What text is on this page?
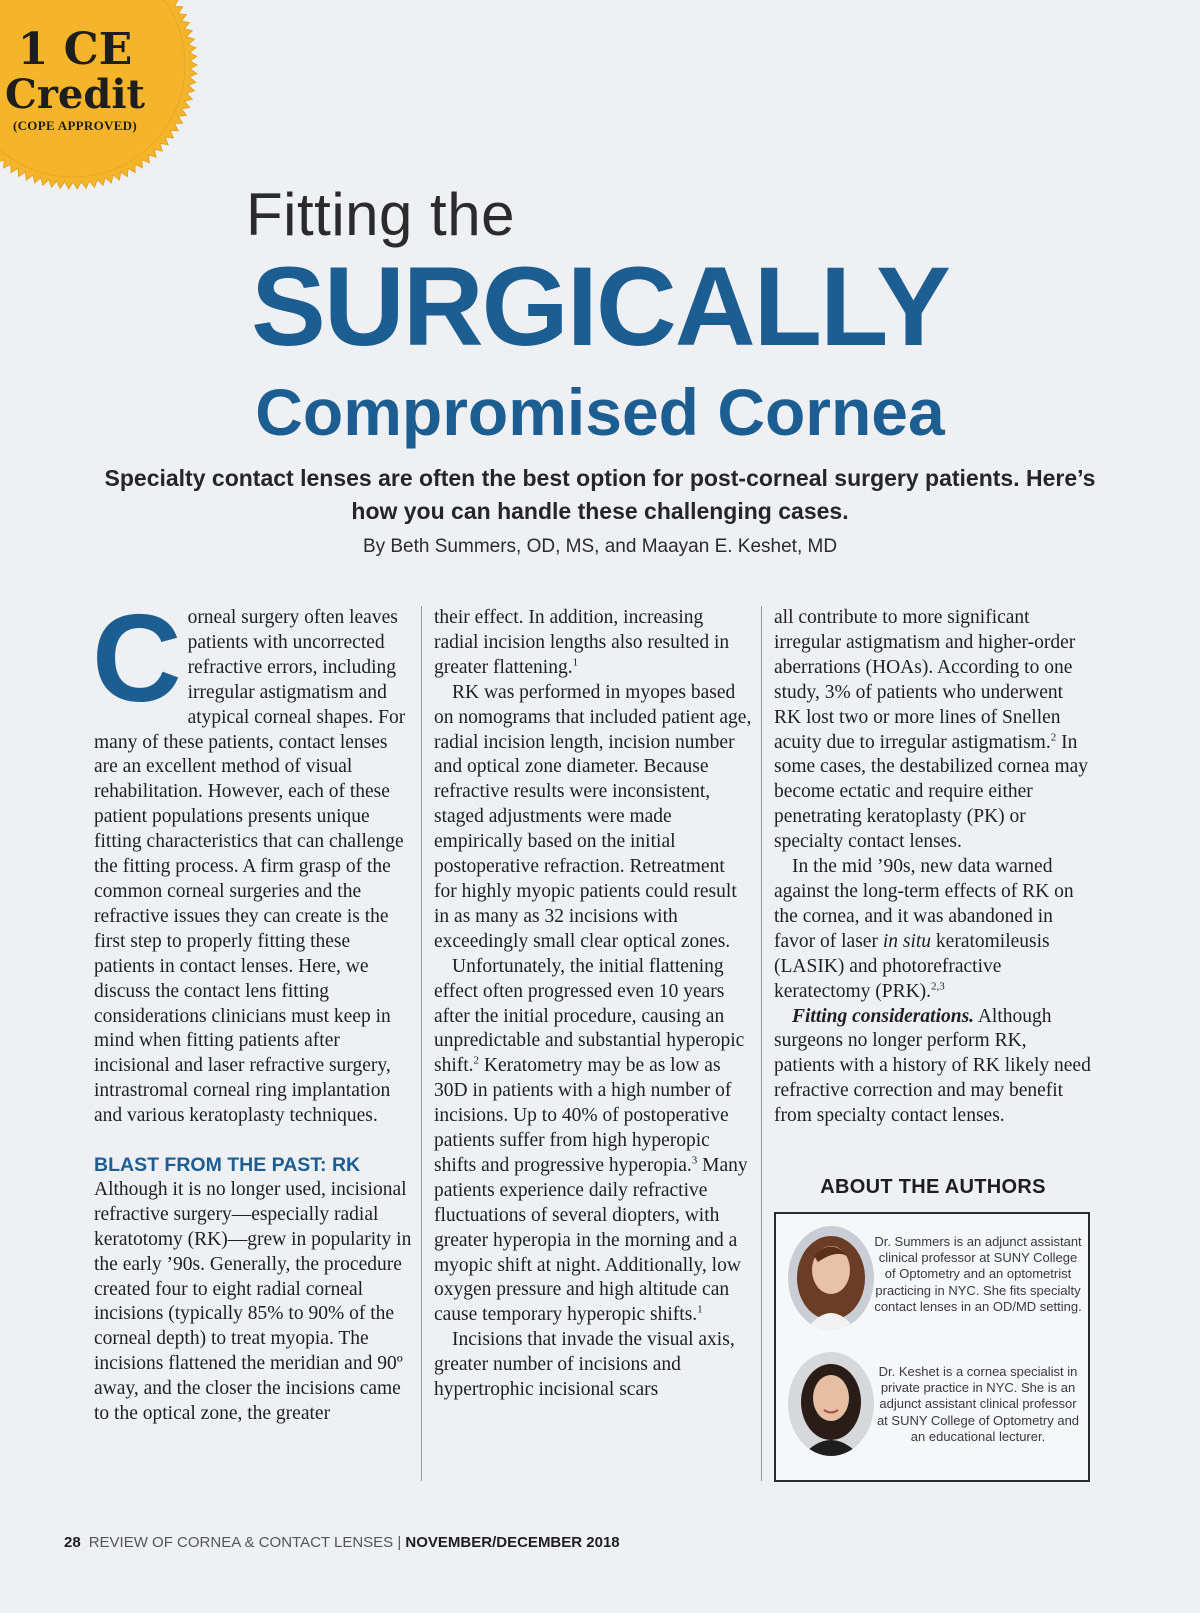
1 CE
Credit
(COPE APPROVED)
Fitting the
SURGICALLY
Compromised Cornea
Specialty contact lenses are often the best option for post-corneal surgery patients. Here’s how you can handle these challenging cases.
By Beth Summers, OD, MS, and Maayan E. Keshet, MD

Corneal surgery often leaves patients with uncorrected refractive errors, including irregular astigmatism and atypical corneal shapes. For many of these patients, contact lenses are an excellent method of visual rehabilitation. However, each of these patient populations presents unique fitting characteristics that can challenge the fitting process. A firm grasp of the common corneal surgeries and the refractive issues they can create is the first step to properly fitting these patients in contact lenses. Here, we discuss the contact lens fitting considerations clinicians must keep in mind when fitting patients after incisional and laser refractive surgery, intrastromal corneal ring implantation and various keratoplasty techniques.

BLAST FROM THE PAST: RK

Although it is no longer used, incisional refractive surgery—especially radial keratotomy (RK)—grew in popularity in the early ’90s. Generally, the procedure created four to eight radial corneal incisions (typically 85% to 90% of the corneal depth) to treat myopia. The incisions flattened the meridian and 90º away, and the closer the incisions came to the optical zone, the greater

their effect. In addition, increasing radial incision lengths also resulted in greater flattening.$^1$

RK was performed in myopes based on nomograms that included patient age, radial incision length, incision number and optical zone diameter. Because refractive results were inconsistent, staged adjustments were made empirically based on the initial postoperative refraction. Retreatment for highly myopic patients could result in as many as 32 incisions with exceedingly small clear optical zones.

Unfortunately, the initial flattening effect often progressed even 10 years after the initial procedure, causing an unpredictable and substantial hyperopic shift.$^2$ Keratometry may be as low as 30D in patients with a high number of incisions. Up to 40% of postoperative patients suffer from high hyperopic shifts and progressive hyperopia.$^3$ Many patients experience daily refractive fluctuations of several diopters, with greater hyperopia in the morning and a myopic shift at night. Additionally, low oxygen pressure and high altitude can cause temporary hyperopic shifts.$^1$

Incisions that invade the visual axis, greater number of incisions and hypertrophic incisional scars

all contribute to more significant irregular astigmatism and higher-order aberrations (HOAs). According to one study, 3% of patients who underwent RK lost two or more lines of Snellen acuity due to irregular astigmatism.$^2$ In some cases, the destabilized cornea may become ectatic and require either penetrating keratoplasty (PK) or specialty contact lenses.

In the mid ’90s, new data warned against the long-term effects of RK on the cornea, and it was abandoned in favor of laser in situ keratomileusis (LASIK) and photorefractive keratectomy (PRK).$^{2,3}$

Fitting considerations. Although surgeons no longer perform RK, patients with a history of RK likely need refractive correction and may benefit from specialty contact lenses.

ABOUT THE AUTHORS
Dr. Summers is an adjunct assistant clinical professor at SUNY College of Optometry and an optometrist practicing in NYC. She fits specialty contact lenses in an OD/MD setting.
Dr. Keshet is a cornea specialist in private practice in NYC. She is an adjunct assistant clinical professor at SUNY College of Optometry and an educational lecturer.
28 REVIEW OF CORNEA & CONTACT LENSES | NOVEMBER/DECEMBER 2018
